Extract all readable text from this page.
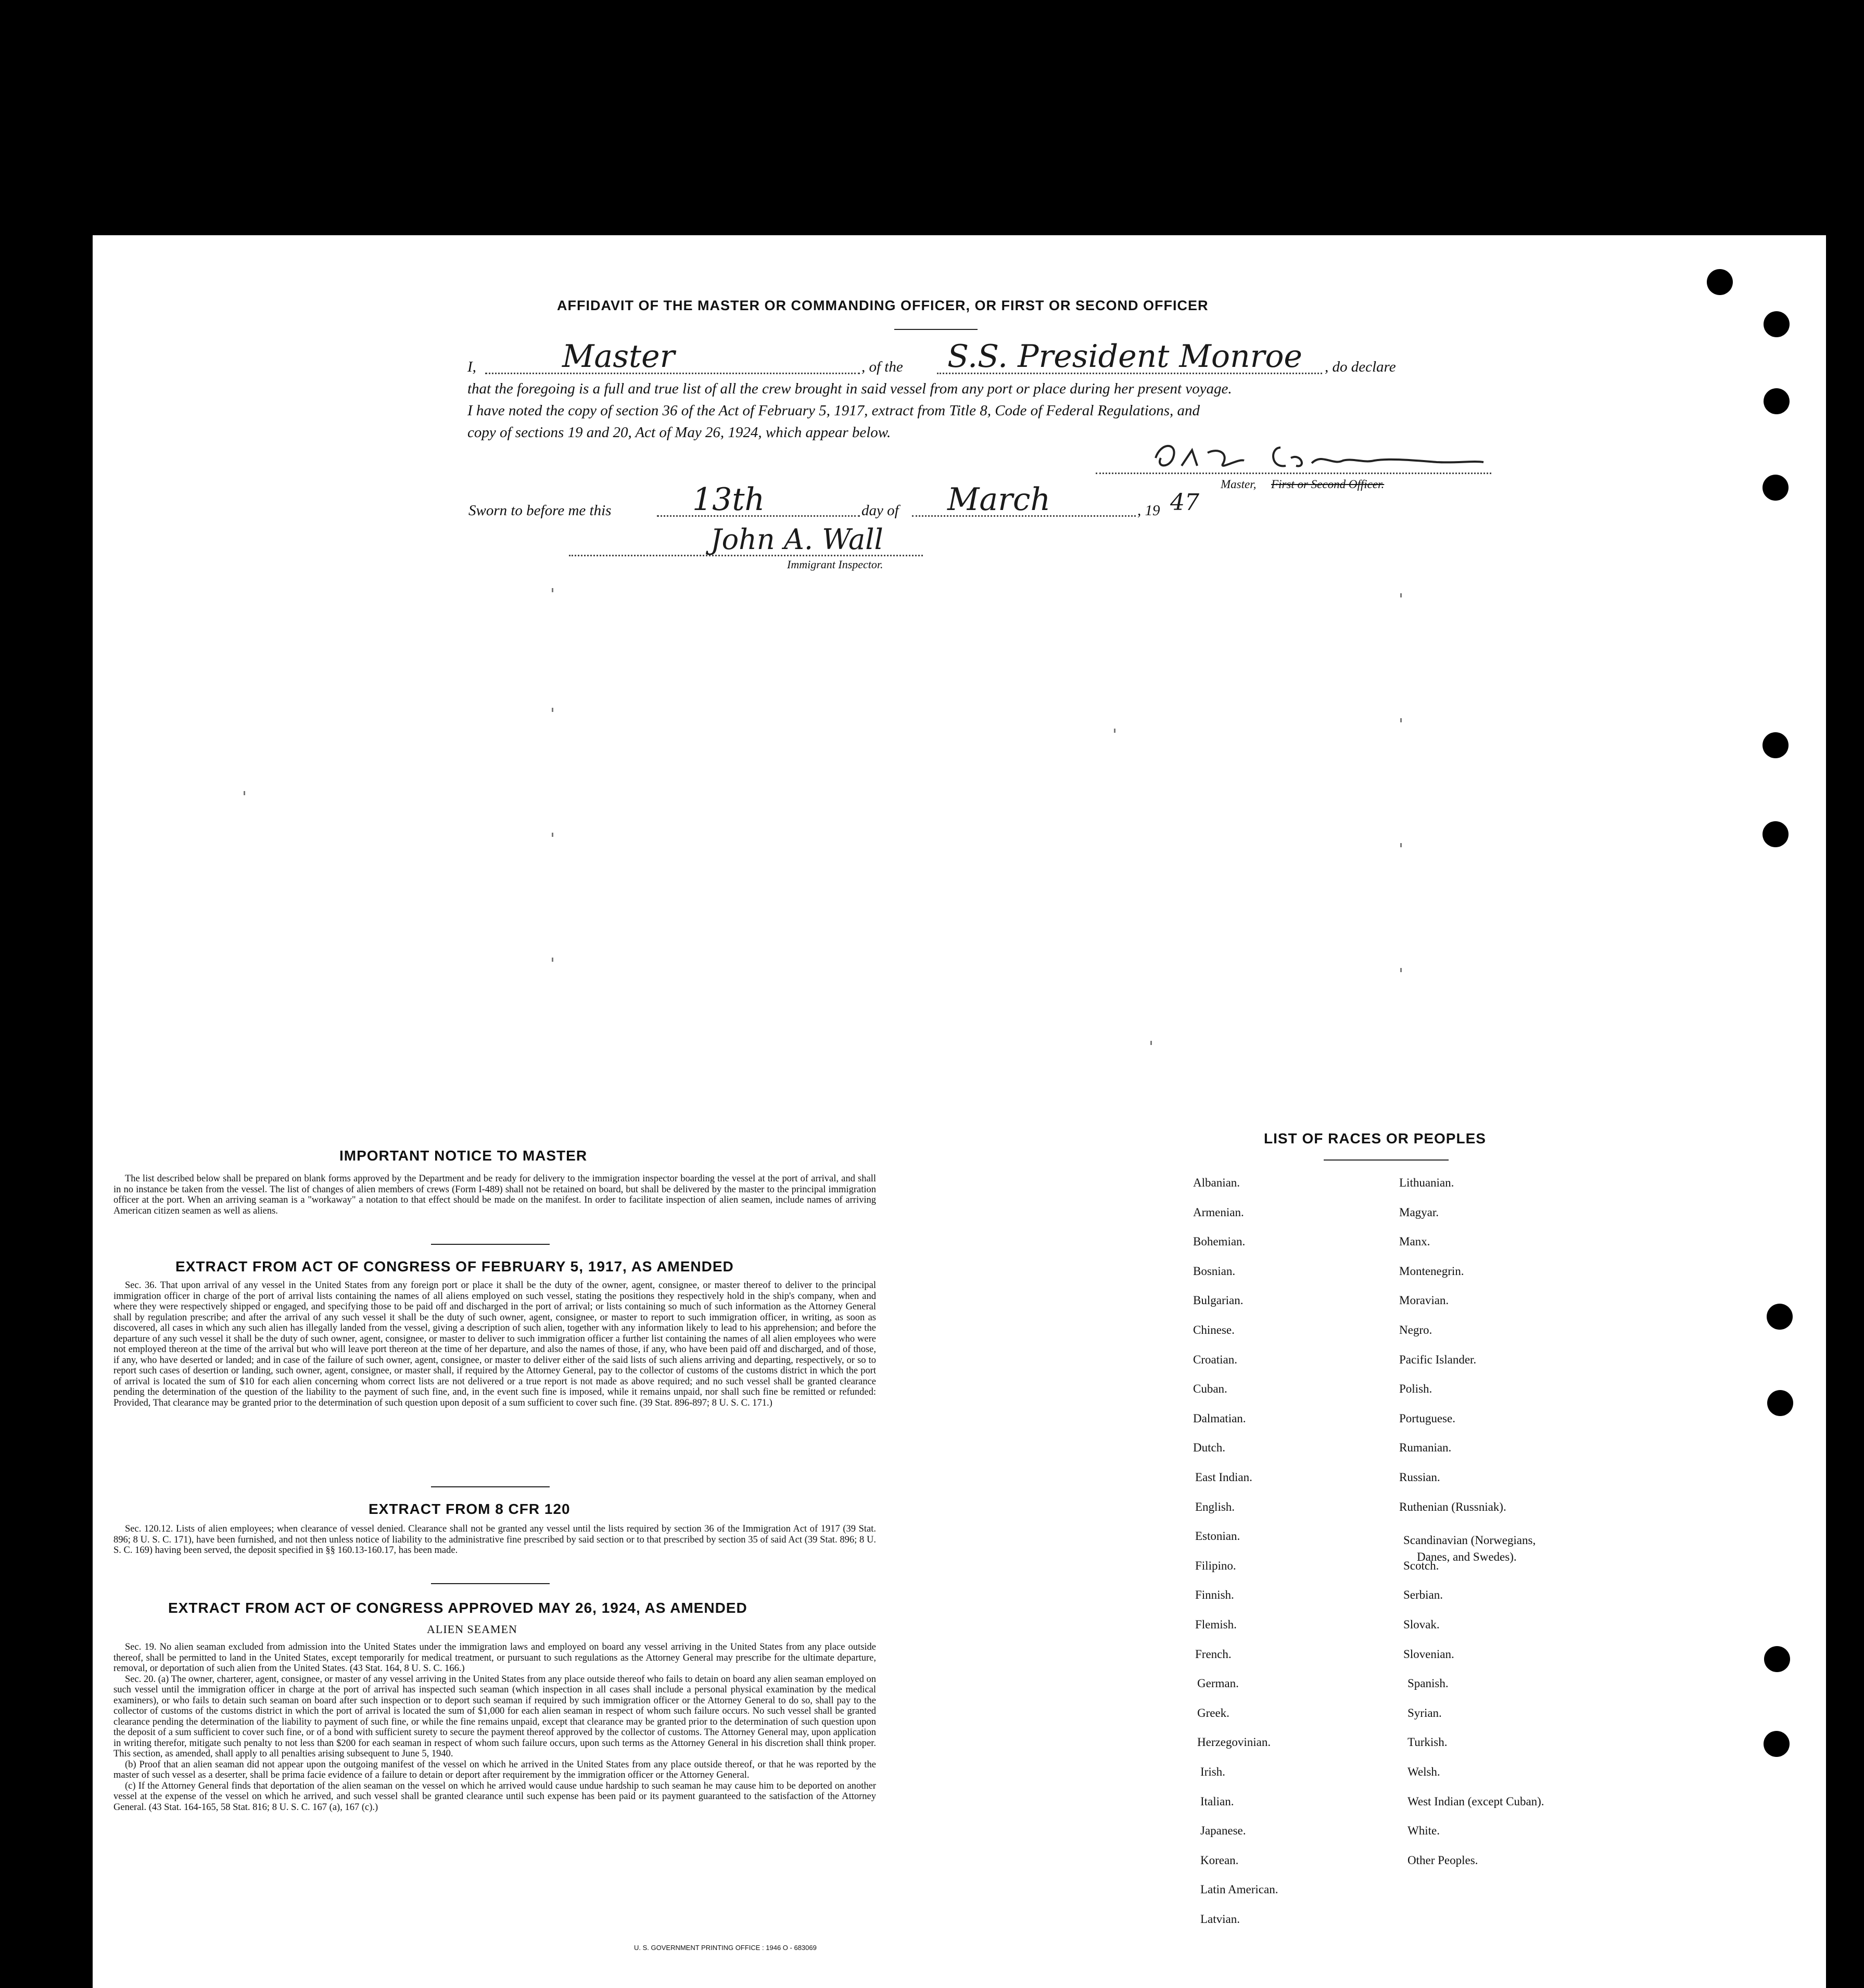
AFFIDAVIT OF THE MASTER OR COMMANDING OFFICER, OR FIRST OR SECOND OFFICER
I,	Master	, of the S.S. President Monroe , do declare
that the foregoing is a full and true list of all the crew brought in said vessel from any port or place during her present voyage.
I have noted the copy of section 36 of the Act of February 5, 1917, extract from Title 8, Code of Federal Regulations, and
copy of sections 19 and 20, Act of May 26, 1924, which appear below.
Master, First or Second Officer.
Sworn to before me this	13th	day of March	, 19 47
John A. Wall
Immigrant Inspector.
IMPORTANT NOTICE TO MASTER

The list described below shall be prepared on blank forms approved by the Department and be ready for delivery to the immigration inspector boarding the vessel at the port of arrival, and shall in no instance be taken from the vessel. The list of changes of alien members of crews (Form I-489) shall not be retained on board, but shall be delivered by the master to the principal immigration officer at the port. When an arriving seaman is a "workaway" a notation to that effect should be made on the manifest. In order to facilitate inspection of alien seamen, include names of arriving American citizen seamen as well as aliens.

EXTRACT FROM ACT OF CONGRESS OF FEBRUARY 5, 1917, AS AMENDED

Sec. 36. That upon arrival of any vessel in the United States from any foreign port or place it shall be the duty of the owner, agent, consignee, or master thereof to deliver to the principal immigration officer in charge of the port of arrival lists containing the names of all aliens employed on such vessel, stating the positions they respectively hold in the ship's company, when and where they were respectively shipped or engaged, and specifying those to be paid off and discharged in the port of arrival; or lists containing so much of such information as the Attorney General shall by regulation prescribe; and after the arrival of any such vessel it shall be the duty of such owner, agent, consignee, or master to report to such immigration officer, in writing, as soon as discovered, all cases in which any such alien has illegally landed from the vessel, giving a description of such alien, together with any information likely to lead to his apprehension; and before the departure of any such vessel it shall be the duty of such owner, agent, consignee, or master to deliver to such immigration officer a further list containing the names of all alien employees who were not employed thereon at the time of the arrival but who will leave port thereon at the time of her departure, and also the names of those, if any, who have been paid off and discharged, and of those, if any, who have deserted or landed; and in case of the failure of such owner, agent, consignee, or master to deliver either of the said lists of such aliens arriving and departing, respectively, or so to report such cases of desertion or landing, such owner, agent, consignee, or master shall, if required by the Attorney General, pay to the collector of customs of the customs district in which the port of arrival is located the sum of $10 for each alien concerning whom correct lists are not delivered or a true report is not made as above required; and no such vessel shall be granted clearance pending the determination of the question of the liability to the payment of such fine, and, in the event such fine is imposed, while it remains unpaid, nor shall such fine be remitted or refunded: Provided, That clearance may be granted prior to the determination of such question upon deposit of a sum sufficient to cover such fine. (39 Stat. 896-897; 8 U. S. C. 171.)

EXTRACT FROM 8 CFR 120

Sec. 120.12. Lists of alien employees; when clearance of vessel denied. Clearance shall not be granted any vessel until the lists required by section 36 of the Immigration Act of 1917 (39 Stat. 896; 8 U. S. C. 171), have been furnished, and not then unless notice of liability to the administrative fine prescribed by said section or to that prescribed by section 35 of said Act (39 Stat. 896; 8 U. S. C. 169) having been served, the deposit specified in §§ 160.13-160.17, has been made.

EXTRACT FROM ACT OF CONGRESS APPROVED MAY 26, 1924, AS AMENDED
ALIEN SEAMEN

Sec. 19. No alien seaman excluded from admission into the United States under the immigration laws and employed on board any vessel arriving in the United States from any place outside thereof, shall be permitted to land in the United States, except temporarily for medical treatment, or pursuant to such regulations as the Attorney General may prescribe for the ultimate departure, removal, or deportation of such alien from the United States. (43 Stat. 164, 8 U. S. C. 166.)

Sec. 20. (a) The owner, charterer, agent, consignee, or master of any vessel arriving in the United States from any place outside thereof who fails to detain on board any alien seaman employed on such vessel until the immigration officer in charge at the port of arrival has inspected such seaman (which inspection in all cases shall include a personal physical examination by the medical examiners), or who fails to detain such seaman on board after such inspection or to deport such seaman if required by such immigration officer or the Attorney General to do so, shall pay to the collector of customs of the customs district in which the port of arrival is located the sum of $1,000 for each alien seaman in respect of whom such failure occurs. No such vessel shall be granted clearance pending the determination of the liability to payment of such fine, or while the fine remains unpaid, except that clearance may be granted prior to the determination of such question upon the deposit of a sum sufficient to cover such fine, or of a bond with sufficient surety to secure the payment thereof approved by the collector of customs. The Attorney General may, upon application in writing therefor, mitigate such penalty to not less than $200 for each seaman in respect of whom such failure occurs, upon such terms as the Attorney General in his discretion shall think proper. This section, as amended, shall apply to all penalties arising subsequent to June 5, 1940.

(b) Proof that an alien seaman did not appear upon the outgoing manifest of the vessel on which he arrived in the United States from any place outside thereof, or that he was reported by the master of such vessel as a deserter, shall be prima facie evidence of a failure to detain or deport after requirement by the immigration officer or the Attorney General.

(c) If the Attorney General finds that deportation of the alien seaman on the vessel on which he arrived would cause undue hardship to such seaman he may cause him to be deported on another vessel at the expense of the vessel on which he arrived, and such vessel shall be granted clearance until such expense has been paid or its payment guaranteed to the satisfaction of the Attorney General. (43 Stat. 164-165, 58 Stat. 816; 8 U. S. C. 167 (a), 167 (c).)

U. S. GOVERNMENT PRINTING OFFICE : 1946 O - 683069
LIST OF RACES OR PEOPLES
Albanian.
Armenian.
Bohemian.
Bosnian.
Bulgarian.
Chinese.
Croatian.
Cuban.
Dalmatian.
Dutch.
East Indian.
English.
Estonian.
Filipino.
Finnish.
Flemish.
French.
German.
Greek.
Herzegovinian.
Irish.
Italian.
Japanese.
Korean.
Latin American.
Latvian.
Lithuanian.
Magyar.
Manx.
Montenegrin.
Moravian.
Negro.
Pacific Islander.
Polish.
Portuguese.
Rumanian.
Russian.
Ruthenian (Russniak).
Scandinavian (Norwegians,
Danes, and Swedes).
Scotch.
Serbian.
Slovak.
Slovenian.
Spanish.
Syrian.
Turkish.
Welsh.
West Indian (except Cuban).
White.
Other Peoples.
